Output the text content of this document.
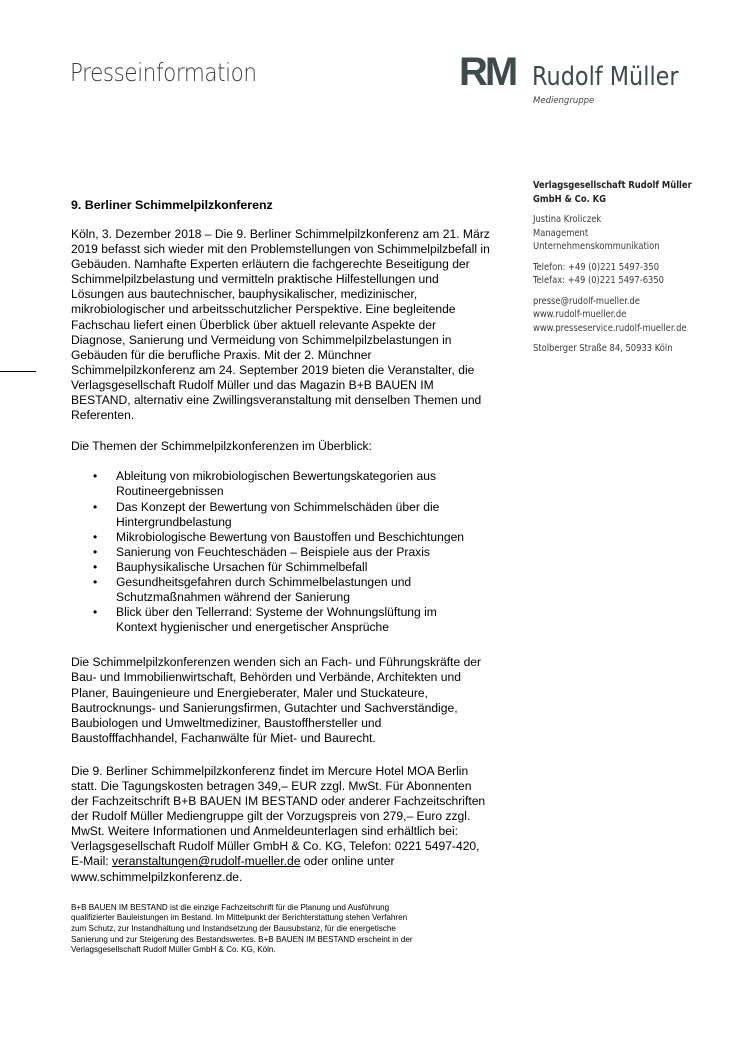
Presseinformation	RM Rudolf Müller
Mediengruppe
Verlagsgesellschaft Rudolf Müller
GmbH & Co. KG
Justina Kroliczek
Management
Unternehmenskommunikation
Telefon: +49 (0)221 5497-350
Telefax: +49 (0)221 5497-6350
presse@rudolf-mueller.de
www.rudolf-mueller.de
www.presseservice.rudolf-mueller.de
Stolberger Straße 84, 50933 Köln
9. Berliner Schimmelpilzkonferenz
Köln, 3. Dezember 2018 – Die 9. Berliner Schimmelpilzkonferenz am 21. März
2019 befasst sich wieder mit den Problemstellungen von Schimmelpilzbefall in
Gebäuden. Namhafte Experten erläutern die fachgerechte Beseitigung der
Schimmelpilzbelastung und vermitteln praktische Hilfestellungen und
Lösungen aus bautechnischer, bauphysikalischer, medizinischer,
mikrobiologischer und arbeitsschutzlicher Perspektive. Eine begleitende
Fachschau liefert einen Überblick über aktuell relevante Aspekte der
Diagnose, Sanierung und Vermeidung von Schimmelpilzbelastungen in
Gebäuden für die berufliche Praxis. Mit der 2. Münchner
Schimmelpilzkonferenz am 24. September 2019 bieten die Veranstalter, die
Verlagsgesellschaft Rudolf Müller und das Magazin B+B BAUEN IM
BESTAND, alternativ eine Zwillingsveranstaltung mit denselben Themen und
Referenten.
Die Themen der Schimmelpilzkonferenzen im Überblick:
• Ableitung von mikrobiologischen Bewertungskategorien aus
Routineergebnissen
• Das Konzept der Bewertung von Schimmelschäden über die
Hintergrundbelastung
• Mikrobiologische Bewertung von Baustoffen und Beschichtungen
• Sanierung von Feuchteschäden – Beispiele aus der Praxis
• Bauphysikalische Ursachen für Schimmelbefall
• Gesundheitsgefahren durch Schimmelbelastungen und
Schutzmaßnahmen während der Sanierung
• Blick über den Tellerrand: Systeme der Wohnungslüftung im
Kontext hygienischer und energetischer Ansprüche
Die Schimmelpilzkonferenzen wenden sich an Fach- und Führungskräfte der
Bau- und Immobilienwirtschaft, Behörden und Verbände, Architekten und
Planer, Bauingenieure und Energieberater, Maler und Stuckateure,
Bautrocknungs- und Sanierungsfirmen, Gutachter und Sachverständige,
Baubiologen und Umweltmediziner, Baustoffhersteller und
Baustofffachhandel, Fachanwälte für Miet- und Baurecht.
Die 9. Berliner Schimmelpilzkonferenz findet im Mercure Hotel MOA Berlin
statt. Die Tagungskosten betragen 349,– EUR zzgl. MwSt. Für Abonnenten
der Fachzeitschrift B+B BAUEN IM BESTAND oder anderer Fachzeitschriften
der Rudolf Müller Mediengruppe gilt der Vorzugspreis von 279,– Euro zzgl.
MwSt. Weitere Informationen und Anmeldeunterlagen sind erhältlich bei:
Verlagsgesellschaft Rudolf Müller GmbH & Co. KG, Telefon: 0221 5497-420,
E-Mail: veranstaltungen@rudolf-mueller.de oder online unter
www.schimmelpilzkonferenz.de.
B+B BAUEN IM BESTAND ist die einzige Fachzeitschrift für die Planung und Ausführung
qualifizierter Bauleistungen im Bestand. Im Mittelpunkt der Berichterstattung stehen Verfahren
zum Schutz, zur Instandhaltung und Instandsetzung der Bausubstanz, für die energetische
Sanierung und zur Steigerung des Bestandswertes. B+B BAUEN IM BESTAND erscheint in der
Verlagsgesellschaft Rudolf Müller GmbH & Co. KG, Köln.
